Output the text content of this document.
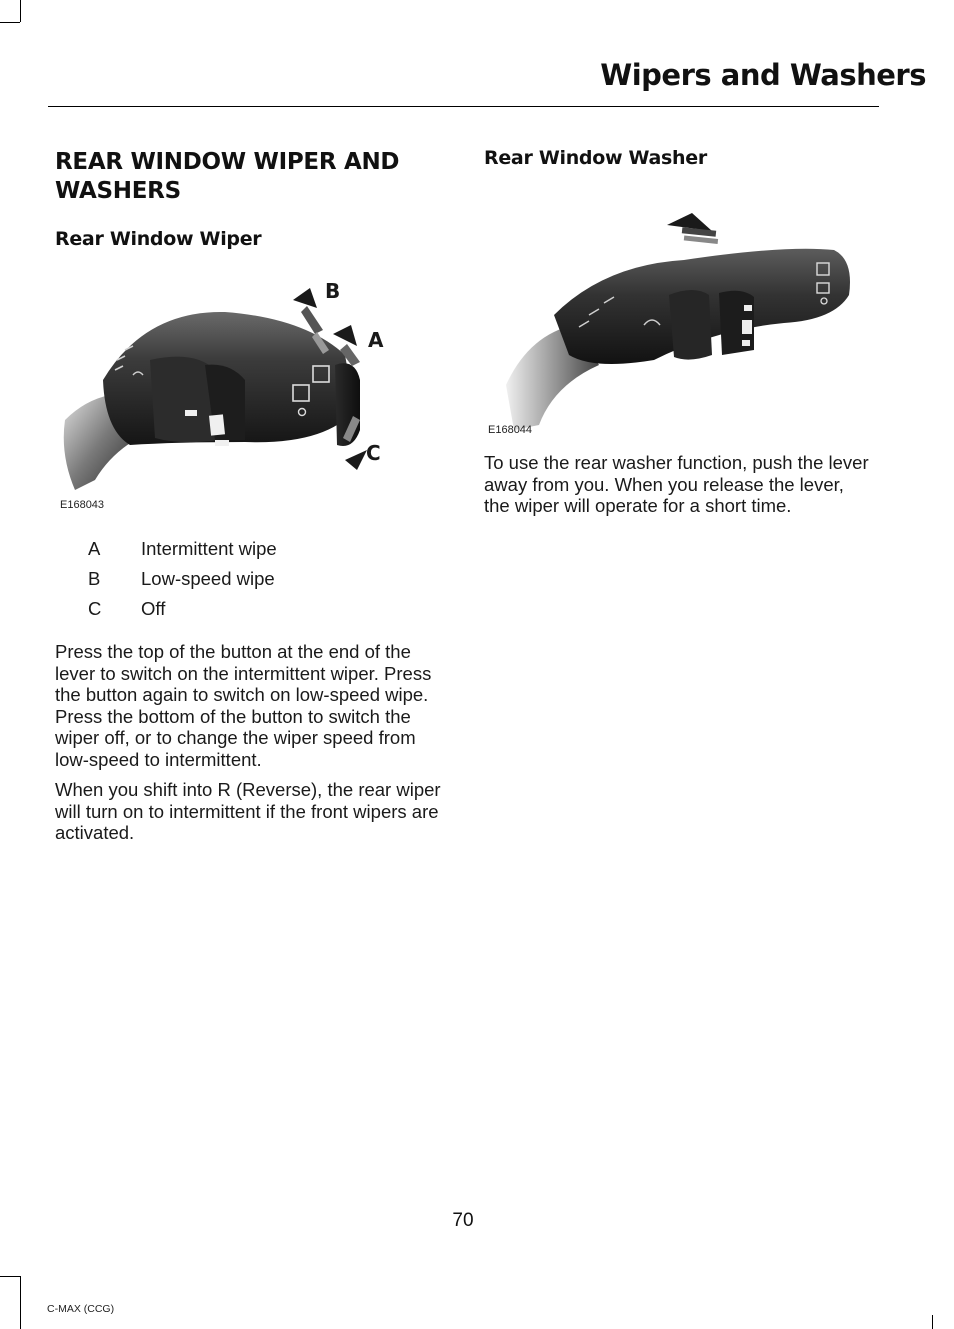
Wipers and Washers
REAR WINDOW WIPER AND
WASHERS
Rear Window Wiper
B
A
C
E168043
A Intermittent wipe
B Low-speed wipe
C Off

Press the top of the button at the end of the lever to switch on the intermittent wiper. Press the button again to switch on low-speed wipe. Press the bottom of the button to switch the wiper off, or to change the wiper speed from low-speed to intermittent.

When you shift into R (Reverse), the rear wiper will turn on to intermittent if the front wipers are activated.

Rear Window Washer
E168044

To use the rear washer function, push the lever away from you. When you release the lever, the wiper will operate for a short time.

70
C-MAX (CCG)
